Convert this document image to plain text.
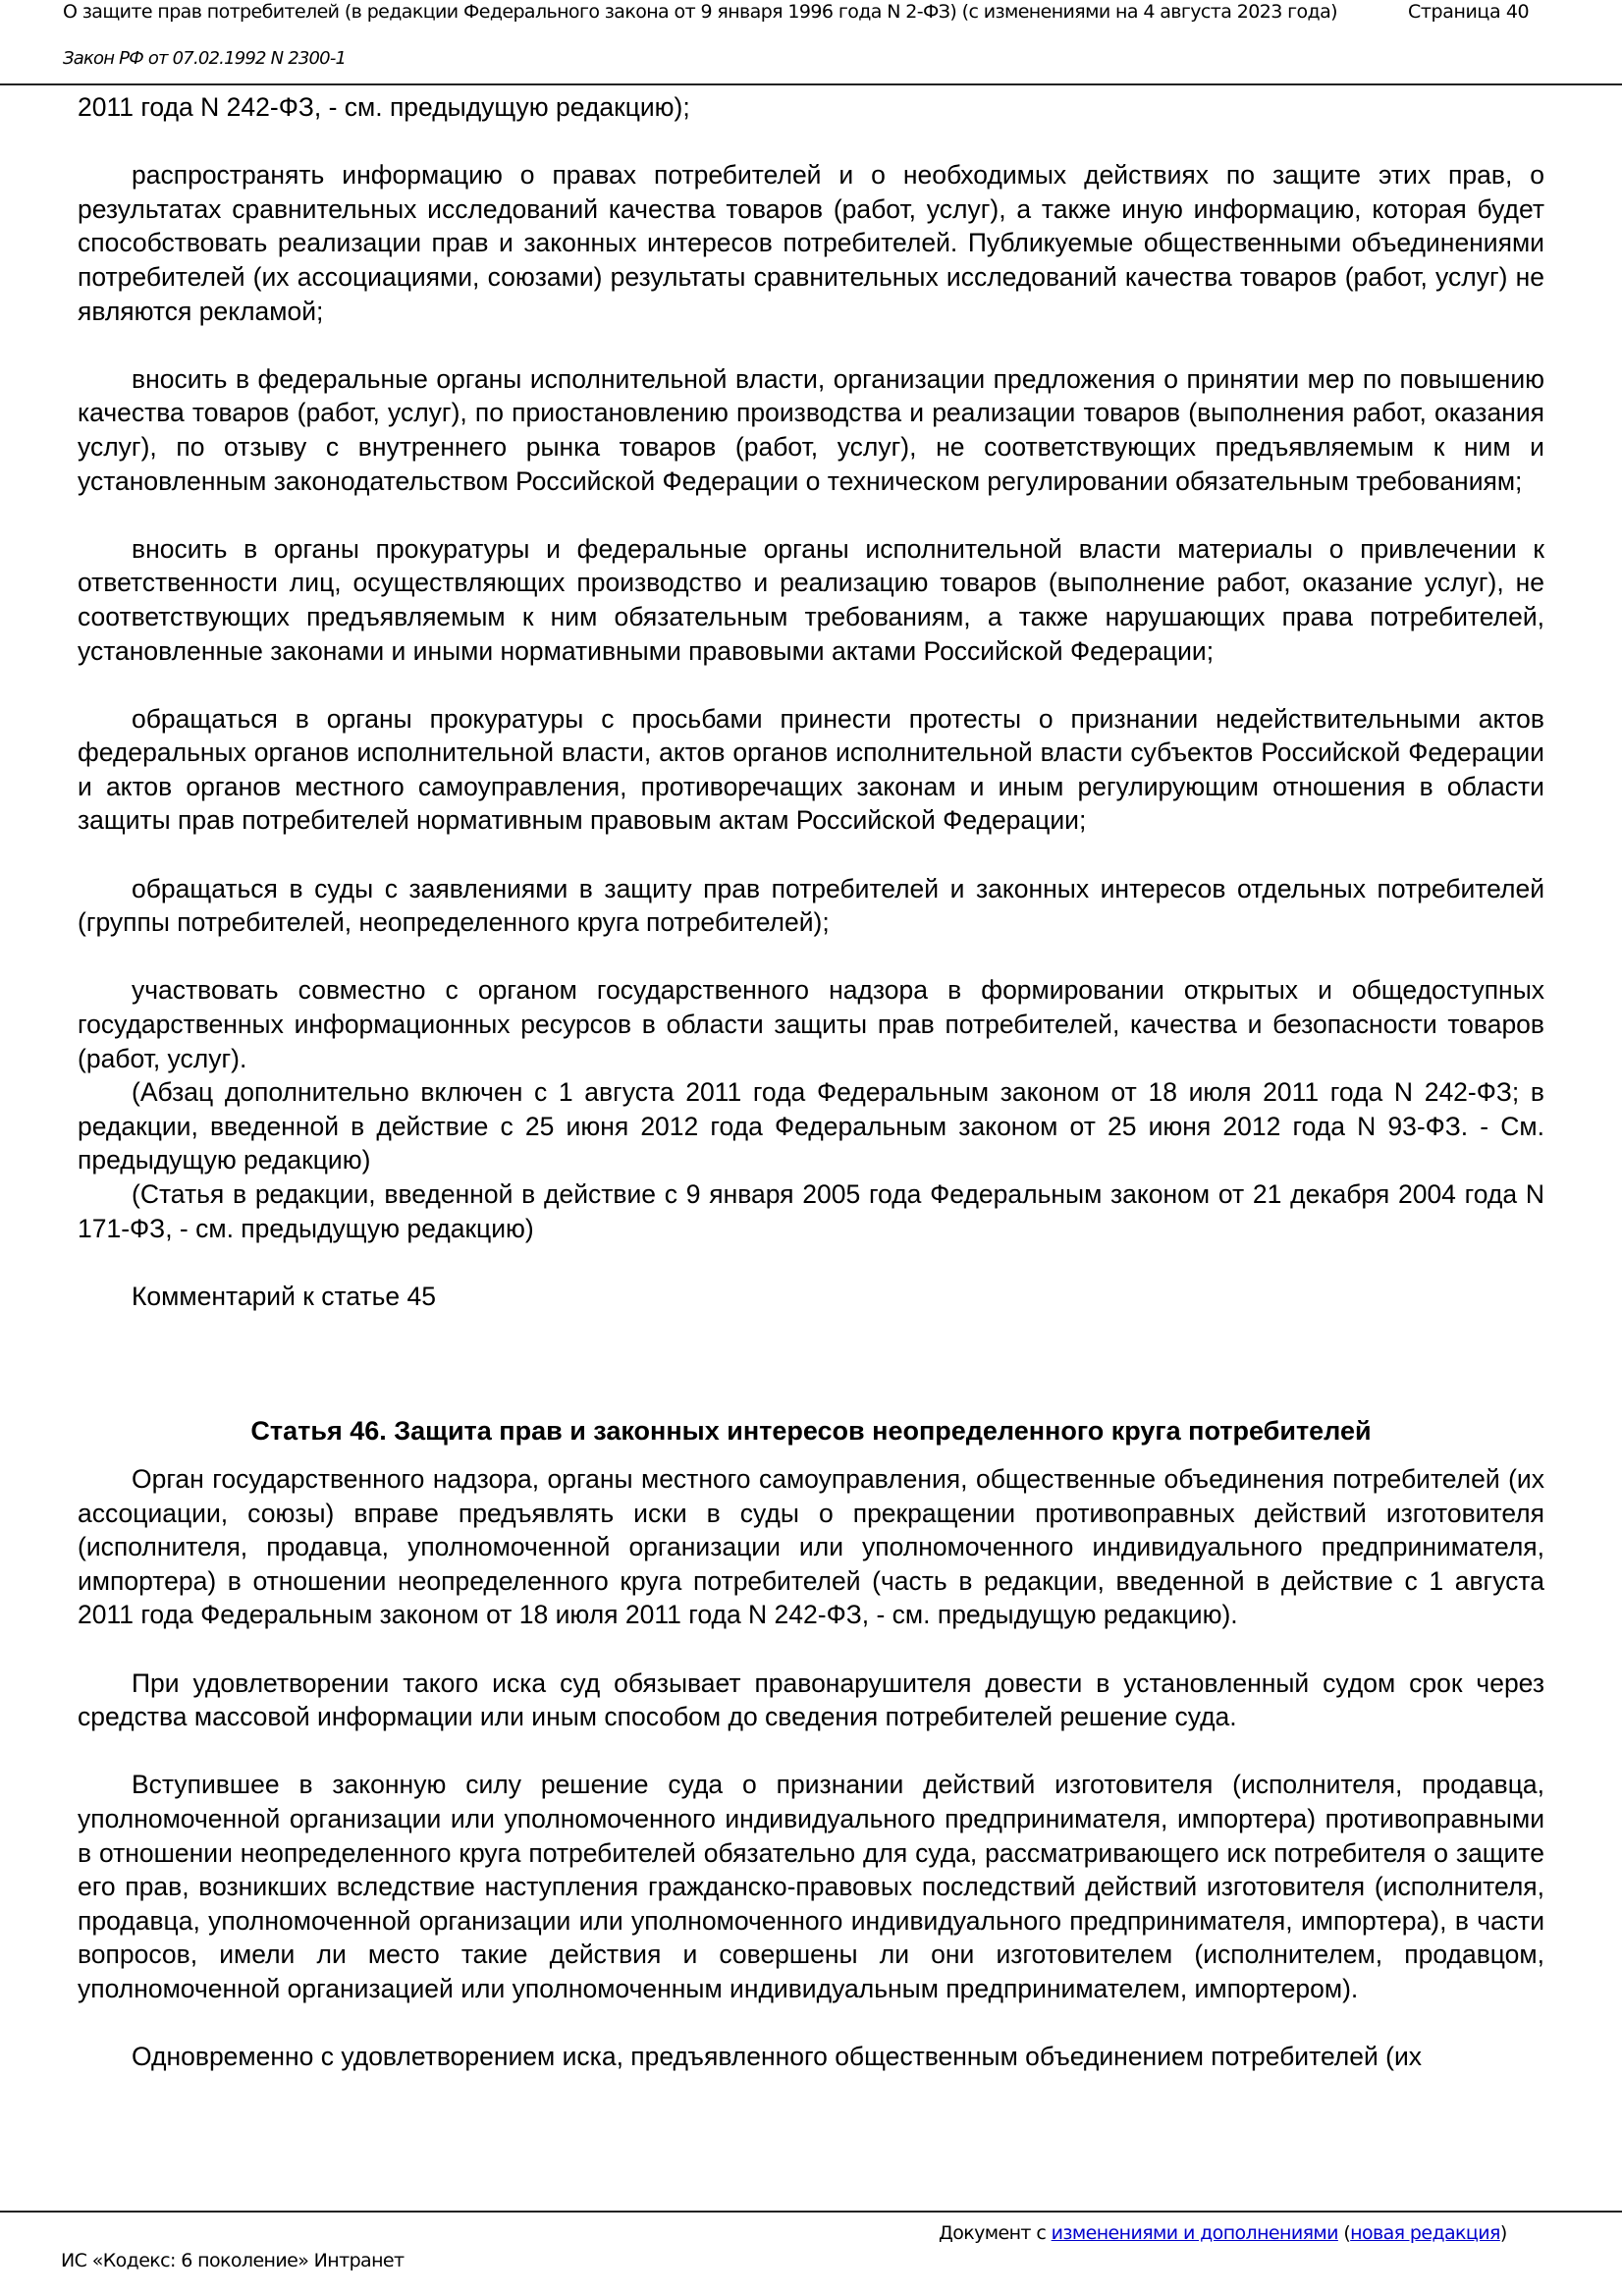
О защите прав потребителей (в редакции Федерального закона от 9 января 1996 года N 2-ФЗ) (с изменениями на 4 августа 2023 года)	Страница 40
Закон РФ от 07.02.1992 N 2300-1

2011 года N 242-ФЗ, - см. предыдущую редакцию);

распространять информацию о правах потребителей и о необходимых действиях по защите этих прав, о результатах сравнительных исследований качества товаров (работ, услуг), а также иную информацию, которая будет способствовать реализации прав и законных интересов потребителей. Публикуемые общественными объединениями потребителей (их ассоциациями, союзами) результаты сравнительных исследований качества товаров (работ, услуг) не являются рекламой;

вносить в федеральные органы исполнительной власти, организации предложения о принятии мер по повышению качества товаров (работ, услуг), по приостановлению производства и реализации товаров (выполнения работ, оказания услуг), по отзыву с внутреннего рынка товаров (работ, услуг), не соответствующих предъявляемым к ним и установленным законодательством Российской Федерации о техническом регулировании обязательным требованиям;

вносить в органы прокуратуры и федеральные органы исполнительной власти материалы о привлечении к ответственности лиц, осуществляющих производство и реализацию товаров (выполнение работ, оказание услуг), не соответствующих предъявляемым к ним обязательным требованиям, а также нарушающих права потребителей, установленные законами и иными нормативными правовыми актами Российской Федерации;

обращаться в органы прокуратуры с просьбами принести протесты о признании недействительными актов федеральных органов исполнительной власти, актов органов исполнительной власти субъектов Российской Федерации и актов органов местного самоуправления, противоречащих законам и иным регулирующим отношения в области защиты прав потребителей нормативным правовым актам Российской Федерации;

обращаться в суды с заявлениями в защиту прав потребителей и законных интересов отдельных потребителей (группы потребителей, неопределенного круга потребителей);

участвовать совместно с органом государственного надзора в формировании открытых и общедоступных государственных информационных ресурсов в области защиты прав потребителей, качества и безопасности товаров (работ, услуг).

(Абзац дополнительно включен с 1 августа 2011 года Федеральным законом от 18 июля 2011 года N 242-ФЗ; в редакции, введенной в действие с 25 июня 2012 года Федеральным законом от 25 июня 2012 года N 93-ФЗ. - См. предыдущую редакцию)

(Статья в редакции, введенной в действие с 9 января 2005 года Федеральным законом от 21 декабря 2004 года N 171-ФЗ, - см. предыдущую редакцию)

Комментарий к статье 45

Статья 46. Защита прав и законных интересов неопределенного круга потребителей

Орган государственного надзора, органы местного самоуправления, общественные объединения потребителей (их ассоциации, союзы) вправе предъявлять иски в суды о прекращении противоправных действий изготовителя (исполнителя, продавца, уполномоченной организации или уполномоченного индивидуального предпринимателя, импортера) в отношении неопределенного круга потребителей (часть в редакции, введенной в действие с 1 августа 2011 года Федеральным законом от 18 июля 2011 года N 242-ФЗ, - см. предыдущую редакцию).

При удовлетворении такого иска суд обязывает правонарушителя довести в установленный судом срок через средства массовой информации или иным способом до сведения потребителей решение суда.

Вступившее в законную силу решение суда о признании действий изготовителя (исполнителя, продавца, уполномоченной организации или уполномоченного индивидуального предпринимателя, импортера) противоправными в отношении неопределенного круга потребителей обязательно для суда, рассматривающего иск потребителя о защите его прав, возникших вследствие наступления гражданско-правовых последствий действий изготовителя (исполнителя, продавца, уполномоченной организации или уполномоченного индивидуального предпринимателя, импортера), в части вопросов, имели ли место такие действия и совершены ли они изготовителем (исполнителем, продавцом, уполномоченной организацией или уполномоченным индивидуальным предпринимателем, импортером).

Одновременно с удовлетворением иска, предъявленного общественным объединением потребителей (их

Документ с изменениями и дополнениями (новая редакция)
ИС «Кодекс: 6 поколение» Интранет
